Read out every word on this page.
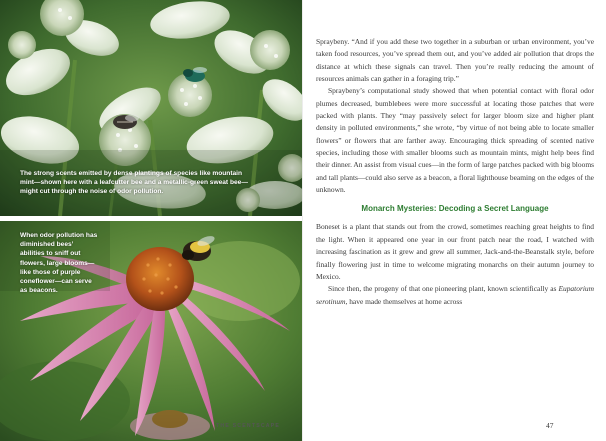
The strong scents emitted by dense plantings of species like mountain mint—shown here with a leafcutter bee and a metallic-green sweat bee—might cut through the noise of odor pollution.
When odor pollution has diminished bees’ abilities to sniff out flowers, large blooms—like those of purple coneflower—can serve as beacons.

Spraybeny. “And if you add these two together in a suburban or urban environment, you’ve taken food resources, you’ve spread them out, and you’ve added air pollution that drops the distance at which these signals can travel. Then you’re really reducing the amount of resources animals can gather in a foraging trip.”

Spraybeny’s computational study showed that when potential contact with floral odor plumes decreased, bumblebees were more successful at locating those patches that were packed with plants. They “may passively select for larger bloom size and higher plant density in polluted environments,” she wrote, “by virtue of not being able to locate smaller flowers” or flowers that are farther away. Encouraging thick spreading of scented native species, including those with smaller blooms such as mountain mints, might help bees find their dinner. An assist from visual cues—in the form of large patches packed with big blooms and tall plants—could also serve as a beacon, a floral lighthouse beaming on the edges of the unknown.

Monarch Mysteries: Decoding a Secret Language

Boneset is a plant that stands out from the crowd, sometimes reaching great heights to find the light. When it appeared one year in our front patch near the road, I watched with increasing fascination as it grew and grew all summer, Jack-and-the-Beanstalk style, before finally flowering just in time to welcome migrating monarchs on their autumn journey to Mexico.

Since then, the progeny of that one pioneering plant, known scientifically as Eupatorium serotinum, have made themselves at home across

THE SCENTSCAPE	47
